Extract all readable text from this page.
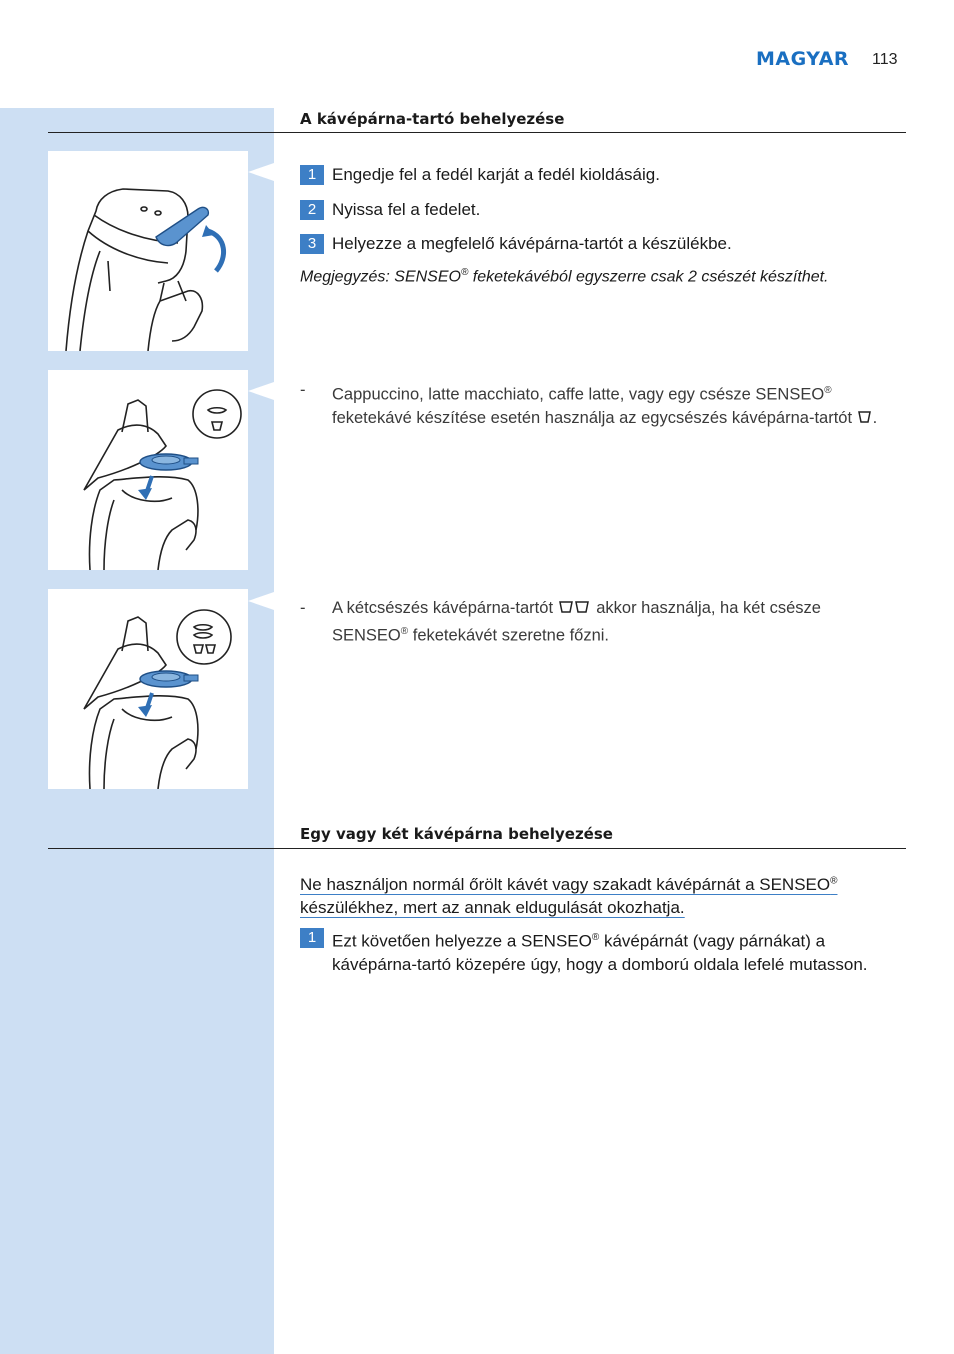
MAGYAR 113
A kávépárna-tartó behelyezése
1 Engedje fel a fedél karját a fedél kioldásáig.
2 Nyissa fel a fedelet.
3 Helyezze a megfelelő kávépárna-tartót a készülékbe.
Megjegyzés: SENSEO® feketekávéból egyszerre csak 2 csészét készíthet.
- Cappuccino, latte macchiato, caffe latte, vagy egy csésze SENSEO®
feketekávé készítése esetén használja az egycsészés kávépárna-tartót .
- A kétcsészés kávépárna-tartót	akkor használja, ha két csésze
SENSEO® feketekávét szeretne főzni.
Egy vagy két kávépárna behelyezése
Ne használjon normál őrölt kávét vagy szakadt kávépárnát a SENSEO® készülékhez, mert az annak eldugulását okozhatja.
1 Ezt követően helyezze a SENSEO® kávépárnát (vagy párnákat) a kávépárna-tartó közepére úgy, hogy a domború oldala lefelé mutasson.
